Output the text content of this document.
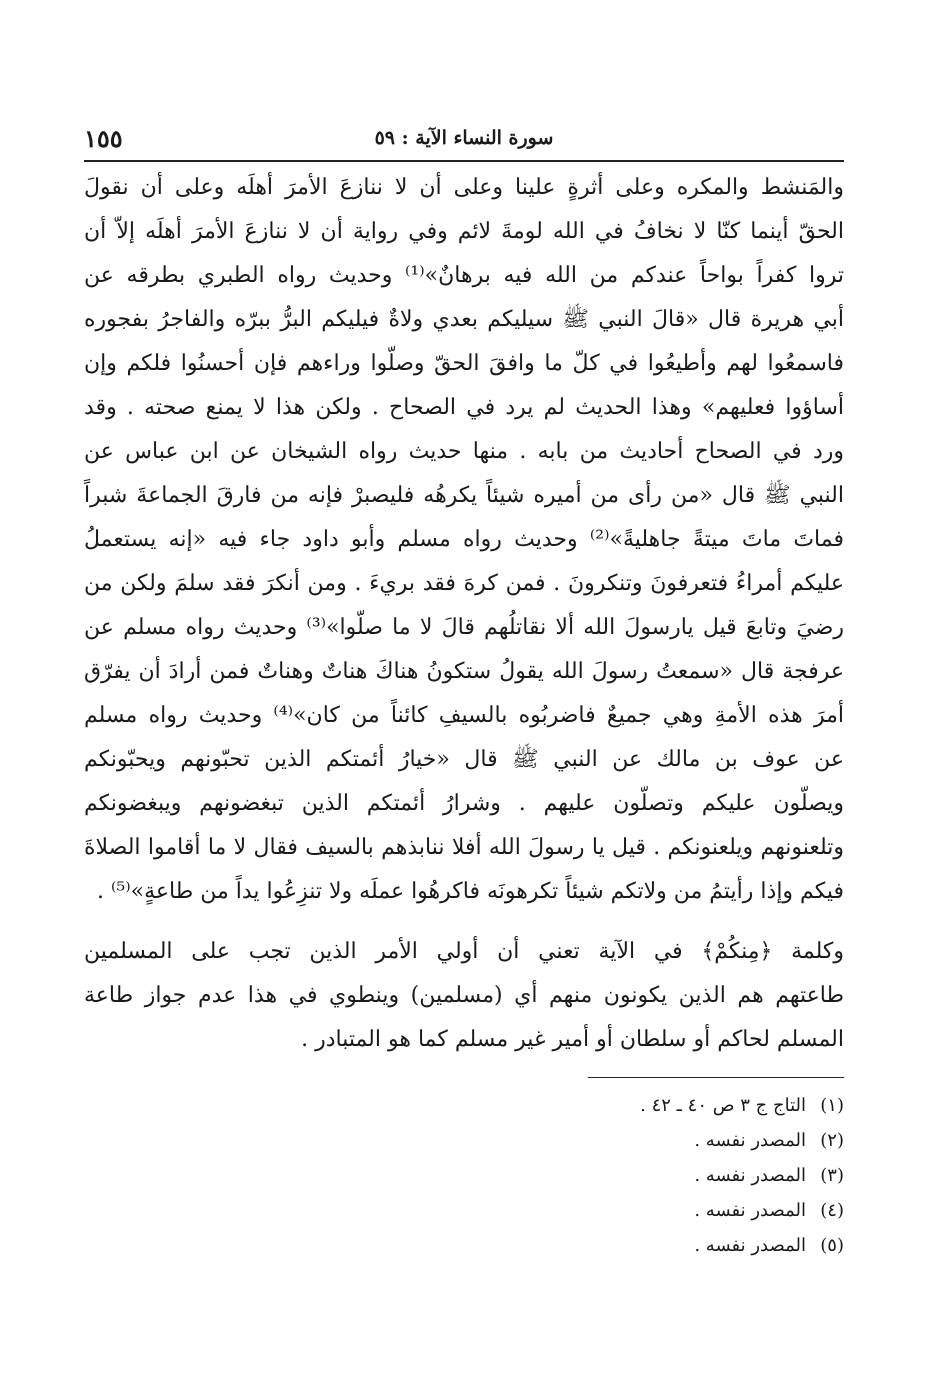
سورة النساء الآية : ٥٩
١٥٥
والمَنشط والمكره وعلى أثرةٍ علينا وعلى أن لا ننازعَ الأمرَ أهلَه وعلى أن نقولَ
الحقّ أينما كنّا لا نخافُ في الله لومةَ لائم وفي رواية أن لا ننازعَ الأمرَ أهلَه إلاّ أن
تروا كفراً بواحاً عندكم من الله فيه برهانٌ»⁽¹⁾ وحديث رواه الطبري بطرقه عن
أبي هريرة قال «قالَ النبي ﷺ سيليكم بعدي ولاةٌ فيليكم البرُّ ببرّه والفاجرُ بفجوره
فاسمعُوا لهم وأطيعُوا في كلّ ما وافقَ الحقّ وصلّوا وراءهم فإن أحسنُوا فلكم وإن
أساؤوا فعليهم» وهذا الحديث لم يرد في الصحاح . ولكن هذا لا يمنع صحته . وقد
ورد في الصحاح أحاديث من بابه . منها حديث رواه الشيخان عن ابن عباس عن
النبي ﷺ قال «من رأى من أميره شيئاً يكرهُه فليصبرْ فإنه من فارقَ الجماعةَ شبراً
فماتَ ماتَ ميتةً جاهليةً»⁽²⁾ وحديث رواه مسلم وأبو داود جاء فيه «إنه يستعملُ
عليكم أمراءُ فتعرفونَ وتنكرونَ . فمن كرهَ فقد بريءَ . ومن أنكرَ فقد سلمَ ولكن من
رضيَ وتابعَ قيل يارسولَ الله ألا نقاتلُهم قالَ لا ما صلّوا»⁽³⁾ وحديث رواه مسلم عن
عرفجة قال «سمعتُ رسولَ الله يقولُ ستكونُ هناكَ هناتٌ وهناتٌ فمن أرادَ أن يفرّق
أمرَ هذه الأمةِ وهي جميعٌ فاضربُوه بالسيفِ كائناً من كان»⁽⁴⁾ وحديث رواه مسلم
عن عوف بن مالك عن النبي ﷺ قال «خيارُ أئمتكم الذين تحبّونهم ويحبّونكم
ويصلّون عليكم وتصلّون عليهم . وشرارُ أئمتكم الذين تبغضونهم ويبغضونكم
وتلعنونهم ويلعنونكم . قيل يا رسولَ الله أفلا ننابذهم بالسيف فقال لا ما أقاموا الصلاةَ
فيكم وإذا رأيتمُ من ولاتكم شيئاً تكرهونَه فاكرهُوا عملَه ولا تنزِعُوا يداً من طاعةٍ»⁽⁵⁾ .
وكلمة ﴿مِنكُمْ﴾ في الآية تعني أن أولي الأمر الذين تجب على المسلمين
طاعتهم هم الذين يكونون منهم أي (مسلمين) وينطوي في هذا عدم جواز طاعة
المسلم لحاكم أو سلطان أو أمير غير مسلم كما هو المتبادر .
(١)التاج ج ٣ ص ٤٠ ـ ٤٢ .
(٢)المصدر نفسه .
(٣)المصدر نفسه .
(٤)المصدر نفسه .
(٥)المصدر نفسه .
